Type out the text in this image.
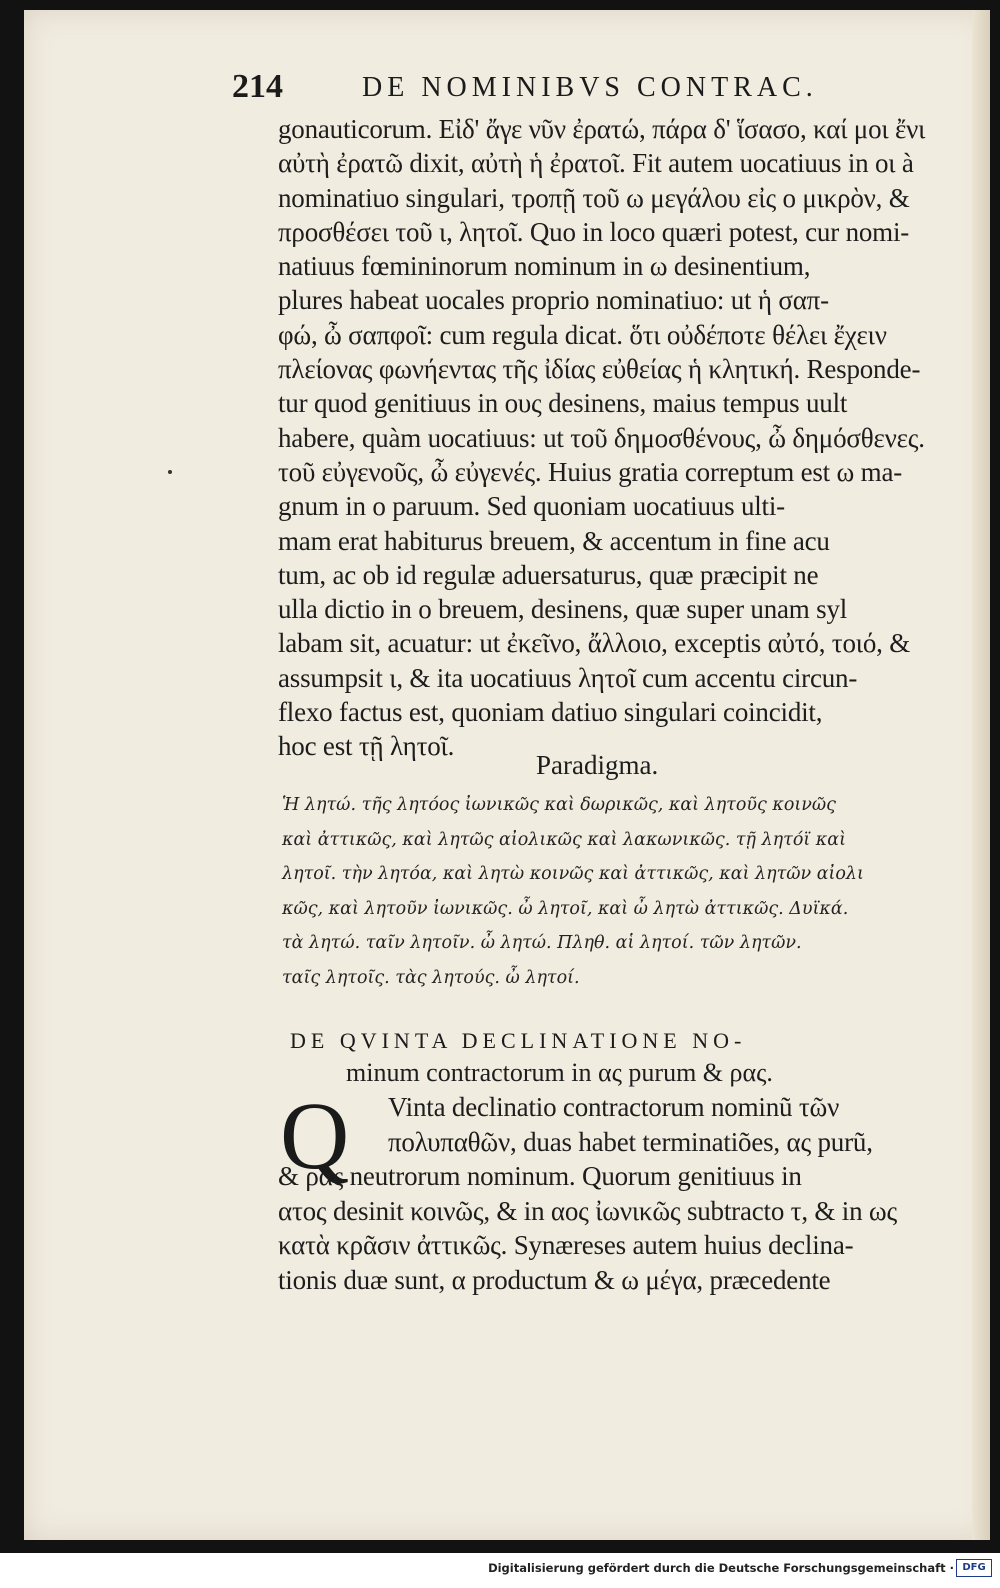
214	DE NOMINIBVS CONTRAC.
gonauticorum. Εἰδ' ἄγε νῦν ἐρατώ, πάρα δ' ἵσασο, καί μοι ἔνι
αὐτὴ ἐρατῶ dixit, αὐτὴ ἡ ἐρατοῖ. Fit autem uocatiuus in οι à
nominatiuo singulari, τροπῇ τοῦ ω μεγάλου εἰς ο μικρὸν, &
προσθέσει τοῦ ι, λητοῖ. Quo in loco quæri potest, cur nomi-
natiuus fœmininorum nominum in ω desinentium,
plures habeat uocales proprio nominatiuo: ut ἡ σαπ-
φώ, ὦ σαπφοῖ: cum regula dicat. ὅτι οὐδέποτε θέλει ἔχειν
πλείονας φωνήεντας τῆς ἰδίας εὐθείας ἡ κλητική. Responde-
tur quod genitiuus in ους desinens, maius tempus uult
habere, quàm uocatiuus: ut τοῦ δημοσθένους, ὦ δημόσθενες.
τοῦ εὐγενοῦς, ὦ εὐγενές. Huius gratia correptum est ω ma-
gnum in ο paruum. Sed quoniam uocatiuus ulti-
mam erat habiturus breuem, & accentum in fine acu
tum, ac ob id regulæ aduersaturus, quæ præcipit ne
ulla dictio in ο breuem, desinens, quæ super unam syl
labam sit, acuatur: ut ἐκεῖνο, ἄλλοιο, exceptis αὐτό, τοιό, &
assumpsit ι, & ita uocatiuus λητοῖ cum accentu circun-
flexo factus est, quoniam datiuo singulari coincidit,
hoc est τῇ λητοῖ.
Paradigma.
Ἡ λητώ. τῆς λητόος ἰωνικῶς καὶ δωρικῶς, καὶ λητοῦς κοινῶς
καὶ ἀττικῶς, καὶ λητῶς αἰολικῶς καὶ λακωνικῶς. τῇ λητόϊ καὶ
λητοῖ. τὴν λητόα, καὶ λητὼ κοινῶς καὶ ἀττικῶς, καὶ λητῶν αἰολι
κῶς, καὶ λητοῦν ἰωνικῶς. ὦ λητοῖ, καὶ ὦ λητὼ ἀττικῶς. Δυϊκά.
τὰ λητώ. ταῖν λητοῖν. ὦ λητώ. Πληθ. αἱ λητοί. τῶν λητῶν.
ταῖς λητοῖς. τὰς λητούς. ὦ λητοί.
DE QVINTA DECLINATIONE NO-
minum contractorum in ας purum & ρας.
Q Vinta declinatio contractorum nominũ τῶν
πολυπαθῶν, duas habet terminatiões, ας purũ,
& ρας neutrorum nominum. Quorum genitiuus in
ατος desinit κοινῶς, & in αος ἰωνικῶς subtracto τ, & in ως
κατὰ κρᾶσιν ἀττικῶς. Synæreses autem huius declina-
tionis duæ sunt, α productum & ω μέγα, præcedente
Digitalisierung gefördert durch die Deutsche Forschungsgemeinschaft · DFG
